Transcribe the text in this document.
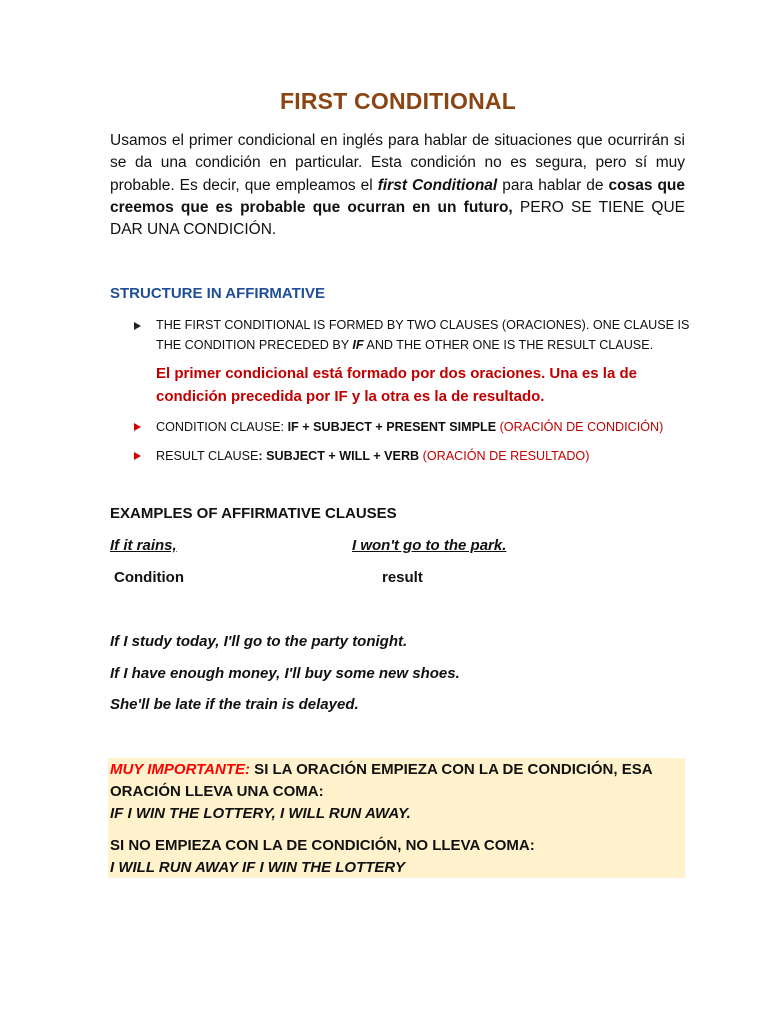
FIRST CONDITIONAL
Usamos el primer condicional en inglés para hablar de situaciones que ocurrirán si se da una condición en particular. Esta condición no es segura, pero sí muy probable. Es decir, que empleamos el first Conditional para hablar de cosas que creemos que es probable que ocurran en un futuro, PERO SE TIENE QUE DAR UNA CONDICIÓN.
STRUCTURE IN AFFIRMATIVE
THE FIRST CONDITIONAL IS FORMED BY TWO CLAUSES (ORACIONES). ONE CLAUSE IS THE CONDITION PRECEDED BY IF AND THE OTHER ONE IS THE RESULT CLAUSE.
El primer condicional está formado por dos oraciones. Una es la de condición precedida por IF y la otra es la de resultado.
CONDITION CLAUSE: IF + SUBJECT + PRESENT SIMPLE (ORACIÓN DE CONDICIÓN)
RESULT CLAUSE: SUBJECT + WILL + VERB (ORACIÓN DE RESULTADO)
EXAMPLES OF AFFIRMATIVE CLAUSES
If it rains,	I won't go to the park.
Condition	result
If I study today, I'll go to the party tonight.
If I have enough money, I'll buy some new shoes.
She'll be late if the train is delayed.
MUY IMPORTANTE: SI LA ORACIÓN EMPIEZA CON LA DE CONDICIÓN, ESA
ORACIÓN LLEVA UNA COMA:
IF I WIN THE LOTTERY, I WILL RUN AWAY.
SI NO EMPIEZA CON LA DE CONDICIÓN, NO LLEVA COMA:
I WILL RUN AWAY IF I WIN THE LOTTERY
